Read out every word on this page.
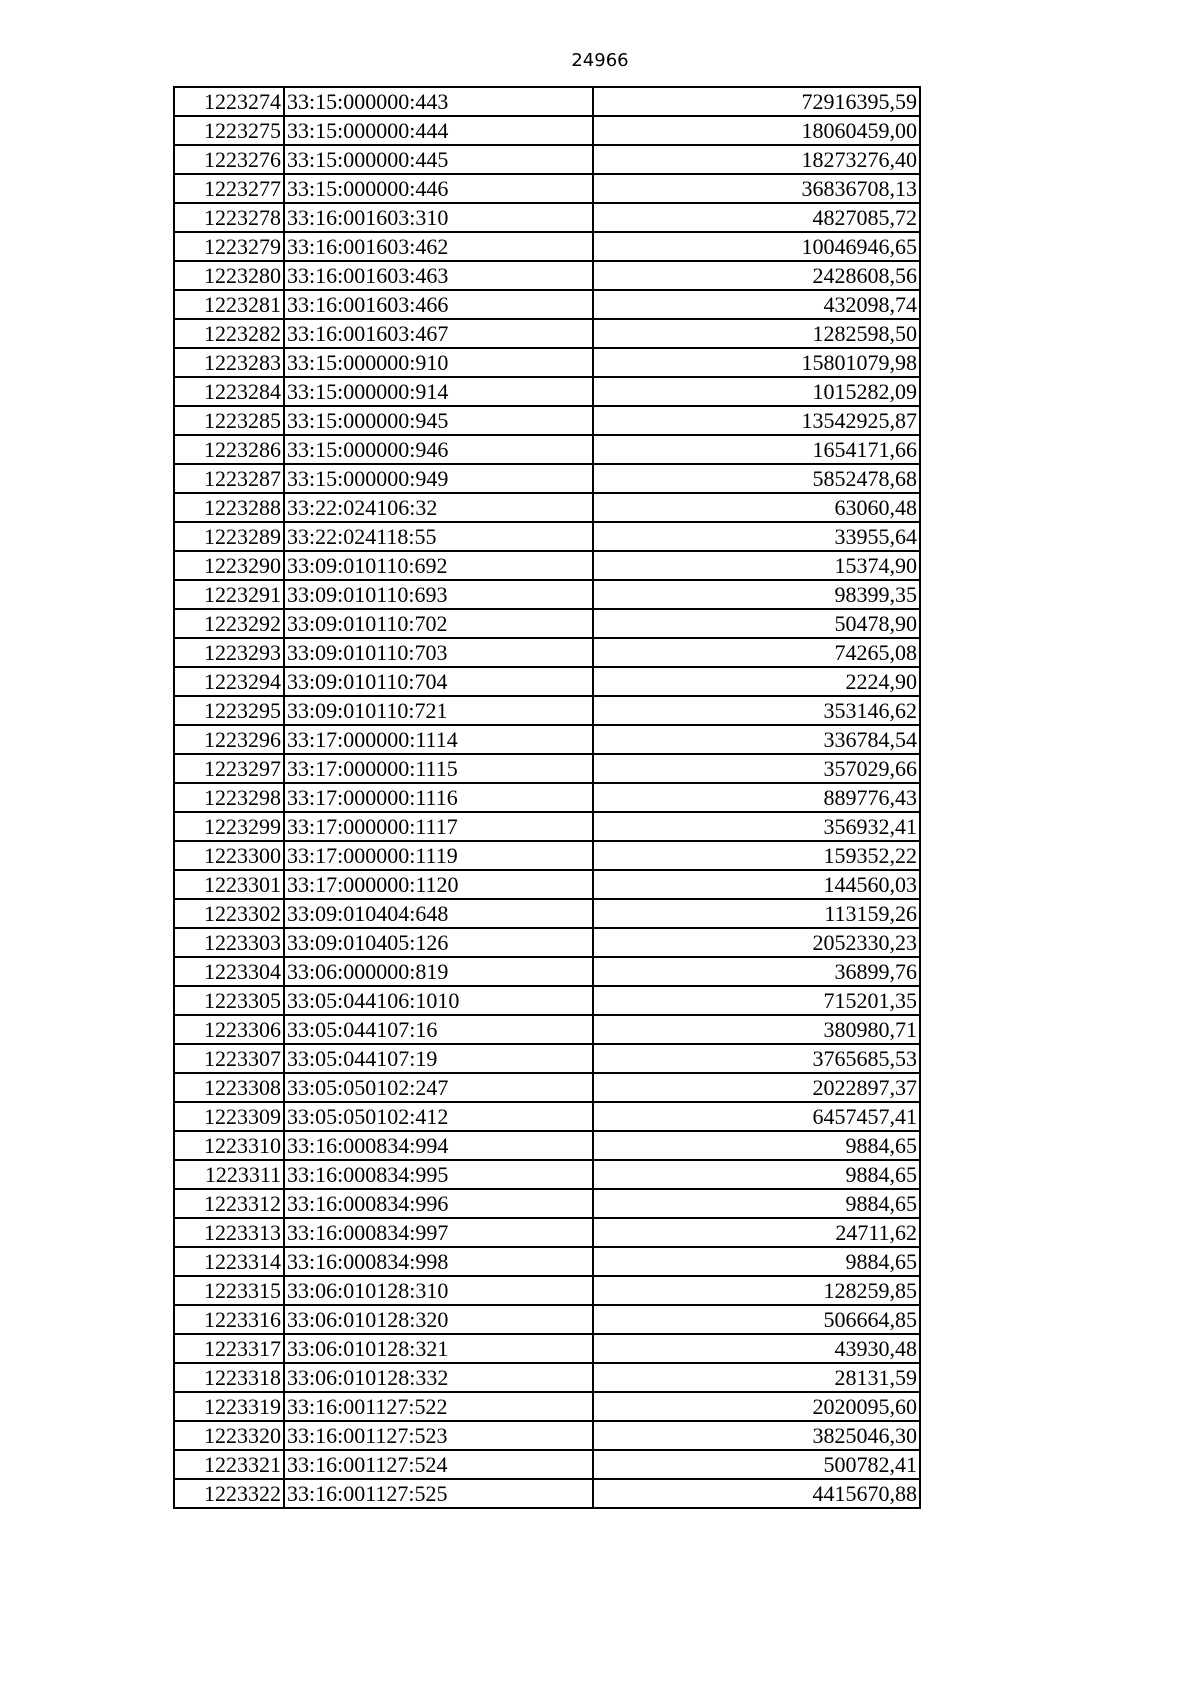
24966
1223274	33:15:000000:443	72916395,59
1223275	33:15:000000:444	18060459,00
1223276	33:15:000000:445	18273276,40
1223277	33:15:000000:446	36836708,13
1223278	33:16:001603:310	4827085,72
1223279	33:16:001603:462	10046946,65
1223280	33:16:001603:463	2428608,56
1223281	33:16:001603:466	432098,74
1223282	33:16:001603:467	1282598,50
1223283	33:15:000000:910	15801079,98
1223284	33:15:000000:914	1015282,09
1223285	33:15:000000:945	13542925,87
1223286	33:15:000000:946	1654171,66
1223287	33:15:000000:949	5852478,68
1223288	33:22:024106:32	63060,48
1223289	33:22:024118:55	33955,64
1223290	33:09:010110:692	15374,90
1223291	33:09:010110:693	98399,35
1223292	33:09:010110:702	50478,90
1223293	33:09:010110:703	74265,08
1223294	33:09:010110:704	2224,90
1223295	33:09:010110:721	353146,62
1223296	33:17:000000:1114	336784,54
1223297	33:17:000000:1115	357029,66
1223298	33:17:000000:1116	889776,43
1223299	33:17:000000:1117	356932,41
1223300	33:17:000000:1119	159352,22
1223301	33:17:000000:1120	144560,03
1223302	33:09:010404:648	113159,26
1223303	33:09:010405:126	2052330,23
1223304	33:06:000000:819	36899,76
1223305	33:05:044106:1010	715201,35
1223306	33:05:044107:16	380980,71
1223307	33:05:044107:19	3765685,53
1223308	33:05:050102:247	2022897,37
1223309	33:05:050102:412	6457457,41
1223310	33:16:000834:994	9884,65
1223311	33:16:000834:995	9884,65
1223312	33:16:000834:996	9884,65
1223313	33:16:000834:997	24711,62
1223314	33:16:000834:998	9884,65
1223315	33:06:010128:310	128259,85
1223316	33:06:010128:320	506664,85
1223317	33:06:010128:321	43930,48
1223318	33:06:010128:332	28131,59
1223319	33:16:001127:522	2020095,60
1223320	33:16:001127:523	3825046,30
1223321	33:16:001127:524	500782,41
1223322	33:16:001127:525	4415670,88
